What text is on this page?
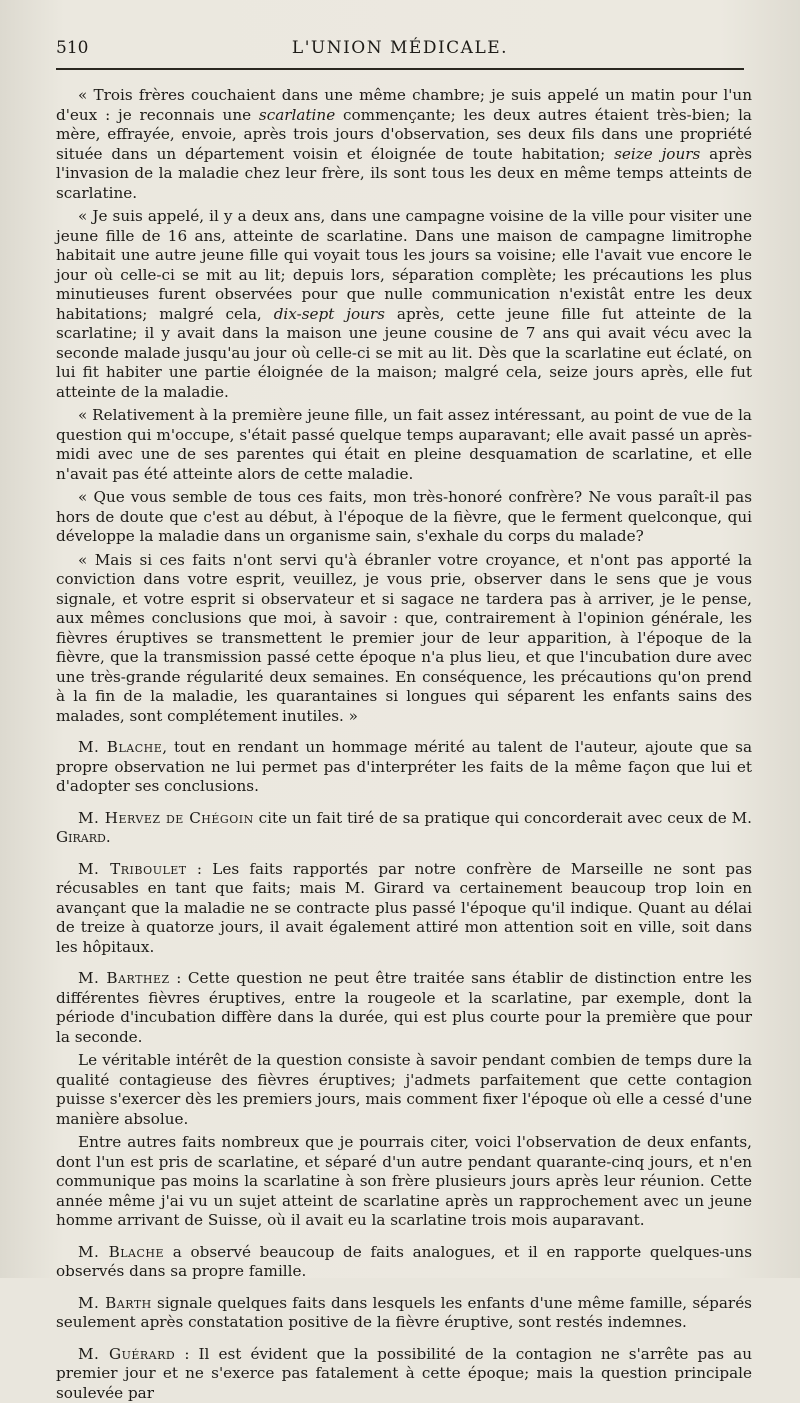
510	L'UNION MÉDICALE.

« Trois frères couchaient dans une même chambre; je suis appelé un matin pour l'un d'eux : je reconnais une scarlatine commençante; les deux autres étaient très-bien; la mère, effrayée, envoie, après trois jours d'observation, ses deux fils dans une propriété située dans un département voisin et éloignée de toute habitation; seize jours après l'invasion de la maladie chez leur frère, ils sont tous les deux en même temps atteints de scarlatine.

« Je suis appelé, il y a deux ans, dans une campagne voisine de la ville pour visiter une jeune fille de 16 ans, atteinte de scarlatine. Dans une maison de campagne limitrophe habitait une autre jeune fille qui voyait tous les jours sa voisine; elle l'avait vue encore le jour où celle-ci se mit au lit; depuis lors, séparation complète; les précautions les plus minutieuses furent observées pour que nulle communication n'existât entre les deux habitations; malgré cela, dix-sept jours après, cette jeune fille fut atteinte de la scarlatine; il y avait dans la maison une jeune cousine de 7 ans qui avait vécu avec la seconde malade jusqu'au jour où celle-ci se mit au lit. Dès que la scarlatine eut éclaté, on lui fit habiter une partie éloignée de la maison; malgré cela, seize jours après, elle fut atteinte de la maladie.

« Relativement à la première jeune fille, un fait assez intéressant, au point de vue de la question qui m'occupe, s'était passé quelque temps auparavant; elle avait passé un après-midi avec une de ses parentes qui était en pleine desquamation de scarlatine, et elle n'avait pas été atteinte alors de cette maladie.

« Que vous semble de tous ces faits, mon très-honoré confrère? Ne vous paraît-il pas hors de doute que c'est au début, à l'époque de la fièvre, que le ferment quelconque, qui développe la maladie dans un organisme sain, s'exhale du corps du malade?

« Mais si ces faits n'ont servi qu'à ébranler votre croyance, et n'ont pas apporté la conviction dans votre esprit, veuillez, je vous prie, observer dans le sens que je vous signale, et votre esprit si observateur et si sagace ne tardera pas à arriver, je le pense, aux mêmes conclusions que moi, à savoir : que, contrairement à l'opinion générale, les fièvres éruptives se transmettent le premier jour de leur apparition, à l'époque de la fièvre, que la transmission passé cette époque n'a plus lieu, et que l'incubation dure avec une très-grande régularité deux semaines. En conséquence, les précautions qu'on prend à la fin de la maladie, les quarantaines si longues qui séparent les enfants sains des malades, sont complétement inutiles. »

M. Blache, tout en rendant un hommage mérité au talent de l'auteur, ajoute que sa propre observation ne lui permet pas d'interpréter les faits de la même façon que lui et d'adopter ses conclusions.

M. Hervez de Chégoin cite un fait tiré de sa pratique qui concorderait avec ceux de M. Girard.

M. Triboulet : Les faits rapportés par notre confrère de Marseille ne sont pas récusables en tant que faits; mais M. Girard va certainement beaucoup trop loin en avançant que la maladie ne se contracte plus passé l'époque qu'il indique. Quant au délai de treize à quatorze jours, il avait également attiré mon attention soit en ville, soit dans les hôpitaux.

M. Barthez : Cette question ne peut être traitée sans établir de distinction entre les différentes fièvres éruptives, entre la rougeole et la scarlatine, par exemple, dont la période d'incubation diffère dans la durée, qui est plus courte pour la première que pour la seconde.

Le véritable intérêt de la question consiste à savoir pendant combien de temps dure la qualité contagieuse des fièvres éruptives; j'admets parfaitement que cette contagion puisse s'exercer dès les premiers jours, mais comment fixer l'époque où elle a cessé d'une manière absolue.

Entre autres faits nombreux que je pourrais citer, voici l'observation de deux enfants, dont l'un est pris de scarlatine, et séparé d'un autre pendant quarante-cinq jours, et n'en communique pas moins la scarlatine à son frère plusieurs jours après leur réunion. Cette année même j'ai vu un sujet atteint de scarlatine après un rapprochement avec un jeune homme arrivant de Suisse, où il avait eu la scarlatine trois mois auparavant.

M. Blache a observé beaucoup de faits analogues, et il en rapporte quelques-uns observés dans sa propre famille.

M. Barth signale quelques faits dans lesquels les enfants d'une même famille, séparés seulement après constatation positive de la fièvre éruptive, sont restés indemnes.

M. Guérard : Il est évident que la possibilité de la contagion ne s'arrête pas au premier jour et ne s'exerce pas fatalement à cette époque; mais la question principale soulevée par
